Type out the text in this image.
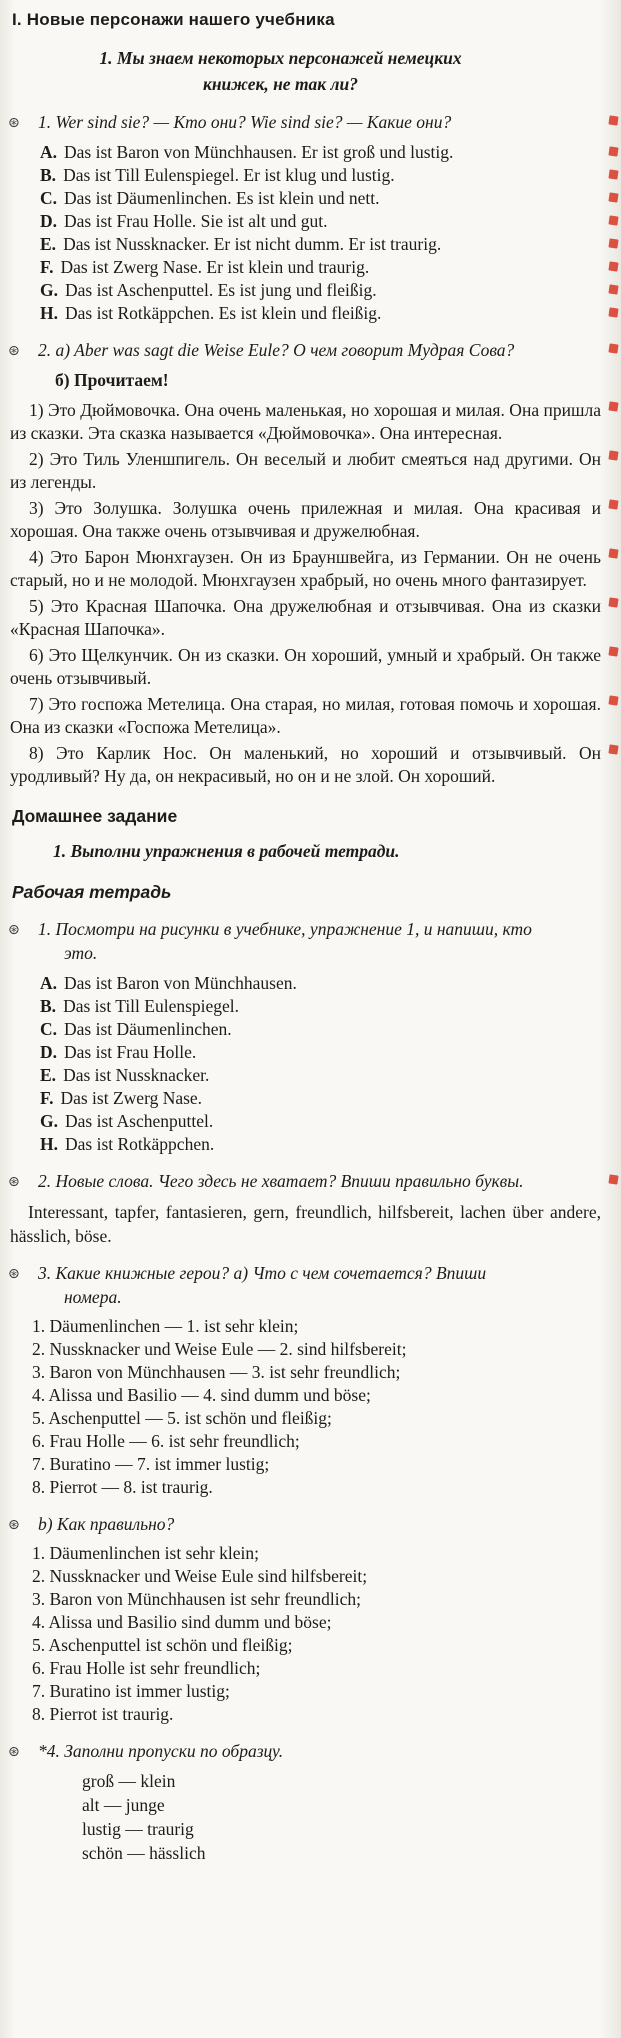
I. Новые персонажи нашего учебника
1. Мы знаем некоторых персонажей немецких книжек, не так ли?
⊛ 1. Wer sind sie? — Кто они? Wie sind sie? — Какие они?
A. Das ist Baron von Münchhausen. Er ist groß und lustig.
B. Das ist Till Eulenspiegel. Er ist klug und lustig.
C. Das ist Däumenlinchen. Es ist klein und nett.
D. Das ist Frau Holle. Sie ist alt und gut.
E. Das ist Nussknacker. Er ist nicht dumm. Er ist traurig.
F. Das ist Zwerg Nase. Er ist klein und traurig.
G. Das ist Aschenputtel. Es ist jung und fleißig.
H. Das ist Rotkäppchen. Es ist klein und fleißig.
⊛ 2. a) Aber was sagt die Weise Eule? О чем говорит Мудрая Сова?
б) Прочитаем!

1) Это Дюймовочка. Она очень маленькая, но хорошая и милая. Она пришла из сказки. Эта сказка называется «Дюймовочка». Она интересная.

2) Это Тиль Уленшпигель. Он веселый и любит смеяться над другими. Он из легенды.

3) Это Золушка. Золушка очень прилежная и милая. Она красивая и хорошая. Она также очень отзывчивая и дружелюбная.

4) Это Барон Мюнхгаузен. Он из Брауншвейга, из Германии. Он не очень старый, но и не молодой. Мюнхгаузен храбрый, но очень много фантазирует.

5) Это Красная Шапочка. Она дружелюбная и отзывчивая. Она из сказки «Красная Шапочка».

6) Это Щелкунчик. Он из сказки. Он хороший, умный и храбрый. Он также очень отзывчивый.

7) Это госпожа Метелица. Она старая, но милая, готовая помочь и хорошая. Она из сказки «Госпожа Метелица».

8) Это Карлик Нос. Он маленький, но хороший и отзывчивый. Он уродливый? Ну да, он некрасивый, но он и не злой. Он хороший.

Домашнее задание
1. Выполни упражнения в рабочей тетради.
Рабочая тетрадь
⊛ 1. Посмотри на рисунки в учебнике, упражнение 1, и напиши, кто это.
A. Das ist Baron von Münchhausen.
B. Das ist Till Eulenspiegel.
C. Das ist Däumenlinchen.
D. Das ist Frau Holle.
E. Das ist Nussknacker.
F. Das ist Zwerg Nase.
G. Das ist Aschenputtel.
H. Das ist Rotkäppchen.
⊛ 2. Новые слова. Чего здесь не хватает? Впиши правильно буквы.
Interessant, tapfer, fantasieren, gern, freundlich, hilfsbereit, lachen über andere, hässlich, böse.
⊛ 3. Какие книжные герои? а) Что с чем сочетается? Впиши номера.
1. Däumenlinchen — 1. ist sehr klein;
2. Nussknacker und Weise Eule — 2. sind hilfsbereit;
3. Baron von Münchhausen — 3. ist sehr freundlich;
4. Alissa und Basilio — 4. sind dumm und böse;
5. Aschenputtel — 5. ist schön und fleißig;
6. Frau Holle — 6. ist sehr freundlich;
7. Buratino — 7. ist immer lustig;
8. Pierrot — 8. ist traurig.
⊛ b) Как правильно?
1. Däumenlinchen ist sehr klein;
2. Nussknacker und Weise Eule sind hilfsbereit;
3. Baron von Münchhausen ist sehr freundlich;
4. Alissa und Basilio sind dumm und böse;
5. Aschenputtel ist schön und fleißig;
6. Frau Holle ist sehr freundlich;
7. Buratino ist immer lustig;
8. Pierrot ist traurig.
⊛ *4. Заполни пропуски по образцу.
groß — klein
alt — junge
lustig — traurig
schön — hässlich
